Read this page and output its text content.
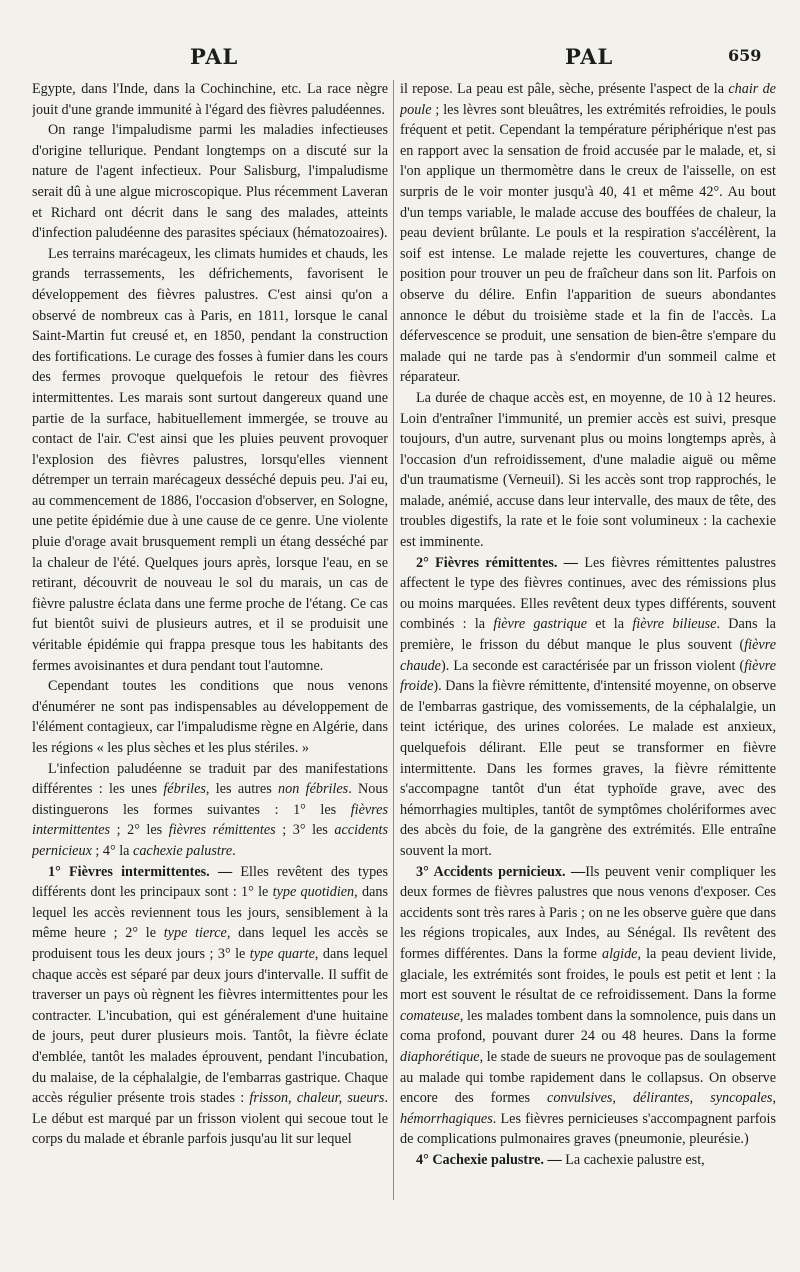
PAL	PAL	659

Egypte, dans l'Inde, dans la Cochinchine, etc. La race nègre jouit d'une grande immunité à l'égard des fièvres paludéennes.

On range l'impaludisme parmi les maladies infectieuses d'origine tellurique. Pendant longtemps on a discuté sur la nature de l'agent infectieux. Pour Salisburg, l'impaludisme serait dû à une algue microscopique. Plus récemment Laveran et Richard ont décrit dans le sang des malades, atteints d'infection paludéenne des parasites spéciaux (hématozoaires).

Les terrains marécageux, les climats humides et chauds, les grands terrassements, les défrichements, favorisent le développement des fièvres palustres. C'est ainsi qu'on a observé de nombreux cas à Paris, en 1811, lorsque le canal Saint-Martin fut creusé et, en 1850, pendant la construction des fortifications. Le curage des fosses à fumier dans les cours des fermes provoque quelquefois le retour des fièvres intermittentes. Les marais sont surtout dangereux quand une partie de la surface, habituellement immergée, se trouve au contact de l'air. C'est ainsi que les pluies peuvent provoquer l'explosion des fièvres palustres, lorsqu'elles viennent détremper un terrain marécageux desséché depuis peu. J'ai eu, au commencement de 1886, l'occasion d'observer, en Sologne, une petite épidémie due à une cause de ce genre. Une violente pluie d'orage avait brusquement rempli un étang desséché par la chaleur de l'été. Quelques jours après, lorsque l'eau, en se retirant, découvrit de nouveau le sol du marais, un cas de fièvre palustre éclata dans une ferme proche de l'étang. Ce cas fut bientôt suivi de plusieurs autres, et il se produisit une véritable épidémie qui frappa presque tous les habitants des fermes avoisinantes et dura pendant tout l'automne.

Cependant toutes les conditions que nous venons d'énumérer ne sont pas indispensables au développement de l'élément contagieux, car l'impaludisme règne en Algérie, dans les régions « les plus sèches et les plus stériles. »

L'infection paludéenne se traduit par des manifestations différentes : les unes fébriles, les autres non fébriles. Nous distinguerons les formes suivantes : 1° les fièvres intermittentes ; 2° les fièvres rémittentes ; 3° les accidents pernicieux ; 4° la cachexie palustre.

1° Fièvres intermittentes. — Elles revêtent des types différents dont les principaux sont : 1° le type quotidien, dans lequel les accès reviennent tous les jours, sensiblement à la même heure ; 2° le type tierce, dans lequel les accès se produisent tous les deux jours ; 3° le type quarte, dans lequel chaque accès est séparé par deux jours d'intervalle. Il suffit de traverser un pays où règnent les fièvres intermittentes pour les contracter. L'incubation, qui est généralement d'une huitaine de jours, peut durer plusieurs mois. Tantôt, la fièvre éclate d'emblée, tantôt les malades éprouvent, pendant l'incubation, du malaise, de la céphalalgie, de l'embarras gastrique. Chaque accès régulier présente trois stades : frisson, chaleur, sueurs. Le début est marqué par un frisson violent qui secoue tout le corps du malade et ébranle parfois jusqu'au lit sur lequel

il repose. La peau est pâle, sèche, présente l'aspect de la chair de poule ; les lèvres sont bleuâtres, les extrémités refroidies, le pouls fréquent et petit. Cependant la température périphérique n'est pas en rapport avec la sensation de froid accusée par le malade, et, si l'on applique un thermomètre dans le creux de l'aisselle, on est surpris de le voir monter jusqu'à 40, 41 et même 42°. Au bout d'un temps variable, le malade accuse des bouffées de chaleur, la peau devient brûlante. Le pouls et la respiration s'accélèrent, la soif est intense. Le malade rejette les couvertures, change de position pour trouver un peu de fraîcheur dans son lit. Parfois on observe du délire. Enfin l'apparition de sueurs abondantes annonce le début du troisième stade et la fin de l'accès. La défervescence se produit, une sensation de bien-être s'empare du malade qui ne tarde pas à s'endormir d'un sommeil calme et réparateur.

La durée de chaque accès est, en moyenne, de 10 à 12 heures. Loin d'entraîner l'immunité, un premier accès est suivi, presque toujours, d'un autre, survenant plus ou moins longtemps après, à l'occasion d'un refroidissement, d'une maladie aiguë ou même d'un traumatisme (Verneuil). Si les accès sont trop rapprochés, le malade, anémié, accuse dans leur intervalle, des maux de tête, des troubles digestifs, la rate et le foie sont volumineux : la cachexie est imminente.

2° Fièvres rémittentes. — Les fièvres rémittentes palustres affectent le type des fièvres continues, avec des rémissions plus ou moins marquées. Elles revêtent deux types différents, souvent combinés : la fièvre gastrique et la fièvre bilieuse. Dans la première, le frisson du début manque le plus souvent (fièvre chaude). La seconde est caractérisée par un frisson violent (fièvre froide). Dans la fièvre rémittente, d'intensité moyenne, on observe de l'embarras gastrique, des vomissements, de la céphalalgie, un teint ictérique, des urines colorées. Le malade est anxieux, quelquefois délirant. Elle peut se transformer en fièvre intermittente. Dans les formes graves, la fièvre rémittente s'accompagne tantôt d'un état typhoïde grave, avec des hémorrhagies multiples, tantôt de symptômes cholériformes avec des abcès du foie, de la gangrène des extrémités. Elle entraîne souvent la mort.

3° Accidents pernicieux. —Ils peuvent venir compliquer les deux formes de fièvres palustres que nous venons d'exposer. Ces accidents sont très rares à Paris ; on ne les observe guère que dans les régions tropicales, aux Indes, au Sénégal. Ils revêtent des formes différentes. Dans la forme algide, la peau devient livide, glaciale, les extrémités sont froides, le pouls est petit et lent : la mort est souvent le résultat de ce refroidissement. Dans la forme comateuse, les malades tombent dans la somnolence, puis dans un coma profond, pouvant durer 24 ou 48 heures. Dans la forme diaphorétique, le stade de sueurs ne provoque pas de soulagement au malade qui tombe rapidement dans le collapsus. On observe encore des formes convulsives, délirantes, syncopales, hémorrhagiques. Les fièvres pernicieuses s'accompagnent parfois de complications pulmonaires graves (pneumonie, pleurésie.)

4° Cachexie palustre. — La cachexie palustre est,
